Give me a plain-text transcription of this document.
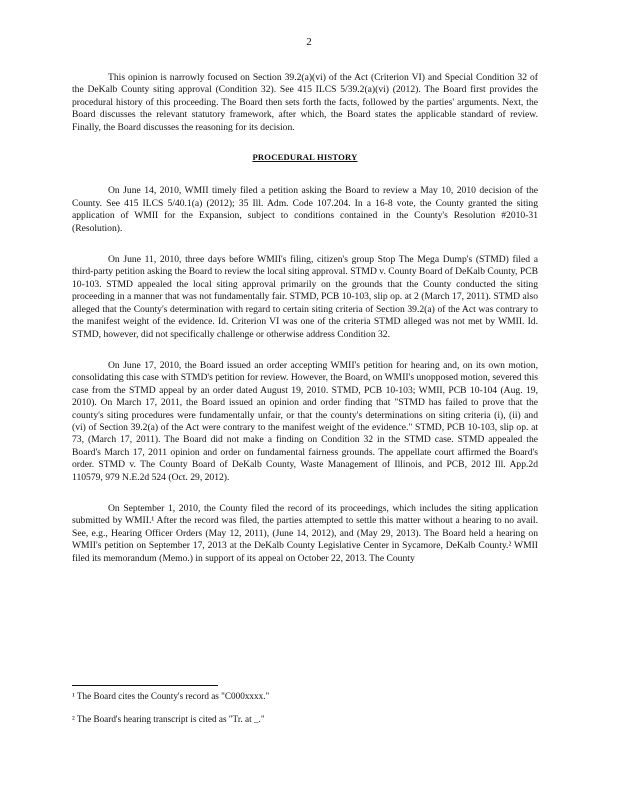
2

This opinion is narrowly focused on Section 39.2(a)(vi) of the Act (Criterion VI) and Special Condition 32 of the DeKalb County siting approval (Condition 32). See 415 ILCS 5/39.2(a)(vi) (2012). The Board first provides the procedural history of this proceeding. The Board then sets forth the facts, followed by the parties' arguments. Next, the Board discusses the relevant statutory framework, after which, the Board states the applicable standard of review. Finally, the Board discusses the reasoning for its decision.

PROCEDURAL HISTORY

On June 14, 2010, WMII timely filed a petition asking the Board to review a May 10, 2010 decision of the County. See 415 ILCS 5/40.1(a) (2012); 35 Ill. Adm. Code 107.204. In a 16-8 vote, the County granted the siting application of WMII for the Expansion, subject to conditions contained in the County's Resolution #2010-31 (Resolution).

On June 11, 2010, three days before WMII's filing, citizen's group Stop The Mega Dump's (STMD) filed a third-party petition asking the Board to review the local siting approval. STMD v. County Board of DeKalb County, PCB 10-103. STMD appealed the local siting approval primarily on the grounds that the County conducted the siting proceeding in a manner that was not fundamentally fair. STMD, PCB 10-103, slip op. at 2 (March 17, 2011). STMD also alleged that the County's determination with regard to certain siting criteria of Section 39.2(a) of the Act was contrary to the manifest weight of the evidence. Id. Criterion VI was one of the criteria STMD alleged was not met by WMII. Id. STMD, however, did not specifically challenge or otherwise address Condition 32.

On June 17, 2010, the Board issued an order accepting WMII's petition for hearing and, on its own motion, consolidating this case with STMD's petition for review. However, the Board, on WMII's unopposed motion, severed this case from the STMD appeal by an order dated August 19, 2010. STMD, PCB 10-103; WMII, PCB 10-104 (Aug. 19, 2010). On March 17, 2011, the Board issued an opinion and order finding that "STMD has failed to prove that the county's siting procedures were fundamentally unfair, or that the county's determinations on siting criteria (i), (ii) and (vi) of Section 39.2(a) of the Act were contrary to the manifest weight of the evidence." STMD, PCB 10-103, slip op. at 73, (March 17, 2011). The Board did not make a finding on Condition 32 in the STMD case. STMD appealed the Board's March 17, 2011 opinion and order on fundamental fairness grounds. The appellate court affirmed the Board's order. STMD v. The County Board of DeKalb County, Waste Management of Illinois, and PCB, 2012 Ill. App.2d 110579, 979 N.E.2d 524 (Oct. 29, 2012).

On September 1, 2010, the County filed the record of its proceedings, which includes the siting application submitted by WMII.¹ After the record was filed, the parties attempted to settle this matter without a hearing to no avail. See, e.g., Hearing Officer Orders (May 12, 2011), (June 14, 2012), and (May 29, 2013). The Board held a hearing on WMII's petition on September 17, 2013 at the DeKalb County Legislative Center in Sycamore, DeKalb County.² WMII filed its memorandum (Memo.) in support of its appeal on October 22, 2013. The County

¹ The Board cites the County's record as "C000xxxx."
² The Board's hearing transcript is cited as "Tr. at _."
